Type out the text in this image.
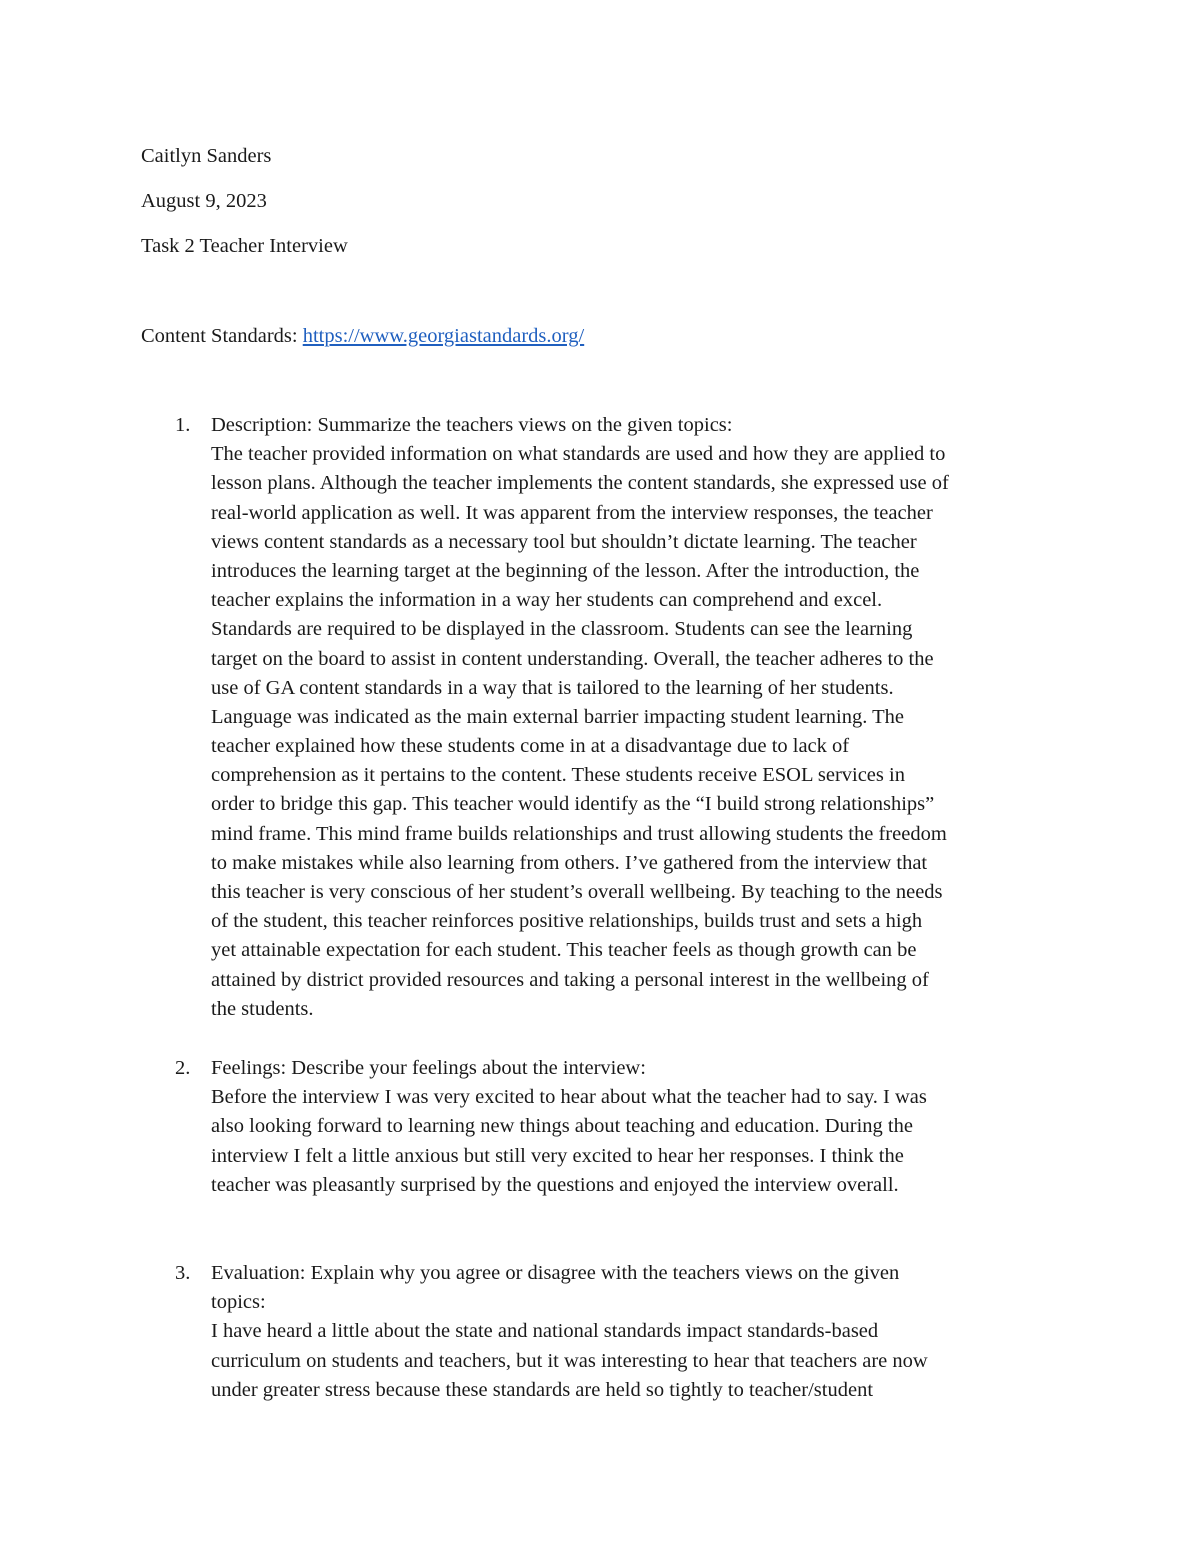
Caitlyn Sanders
August 9, 2023
Task 2 Teacher Interview
Content Standards: https://www.georgiastandards.org/
1. Description: Summarize the teachers views on the given topics:
The teacher provided information on what standards are used and how they are applied to
lesson plans. Although the teacher implements the content standards, she expressed use of
real-world application as well. It was apparent from the interview responses, the teacher
views content standards as a necessary tool but shouldn’t dictate learning. The teacher
introduces the learning target at the beginning of the lesson. After the introduction, the
teacher explains the information in a way her students can comprehend and excel.
Standards are required to be displayed in the classroom. Students can see the learning
target on the board to assist in content understanding. Overall, the teacher adheres to the
use of GA content standards in a way that is tailored to the learning of her students.
Language was indicated as the main external barrier impacting student learning. The
teacher explained how these students come in at a disadvantage due to lack of
comprehension as it pertains to the content. These students receive ESOL services in
order to bridge this gap. This teacher would identify as the “I build strong relationships”
mind frame. This mind frame builds relationships and trust allowing students the freedom
to make mistakes while also learning from others. I’ve gathered from the interview that
this teacher is very conscious of her student’s overall wellbeing. By teaching to the needs
of the student, this teacher reinforces positive relationships, builds trust and sets a high
yet attainable expectation for each student. This teacher feels as though growth can be
attained by district provided resources and taking a personal interest in the wellbeing of
the students.
2. Feelings: Describe your feelings about the interview:
Before the interview I was very excited to hear about what the teacher had to say. I was
also looking forward to learning new things about teaching and education. During the
interview I felt a little anxious but still very excited to hear her responses. I think the
teacher was pleasantly surprised by the questions and enjoyed the interview overall.
3. Evaluation: Explain why you agree or disagree with the teachers views on the given
topics:
I have heard a little about the state and national standards impact standards-based
curriculum on students and teachers, but it was interesting to hear that teachers are now
under greater stress because these standards are held so tightly to teacher/student
